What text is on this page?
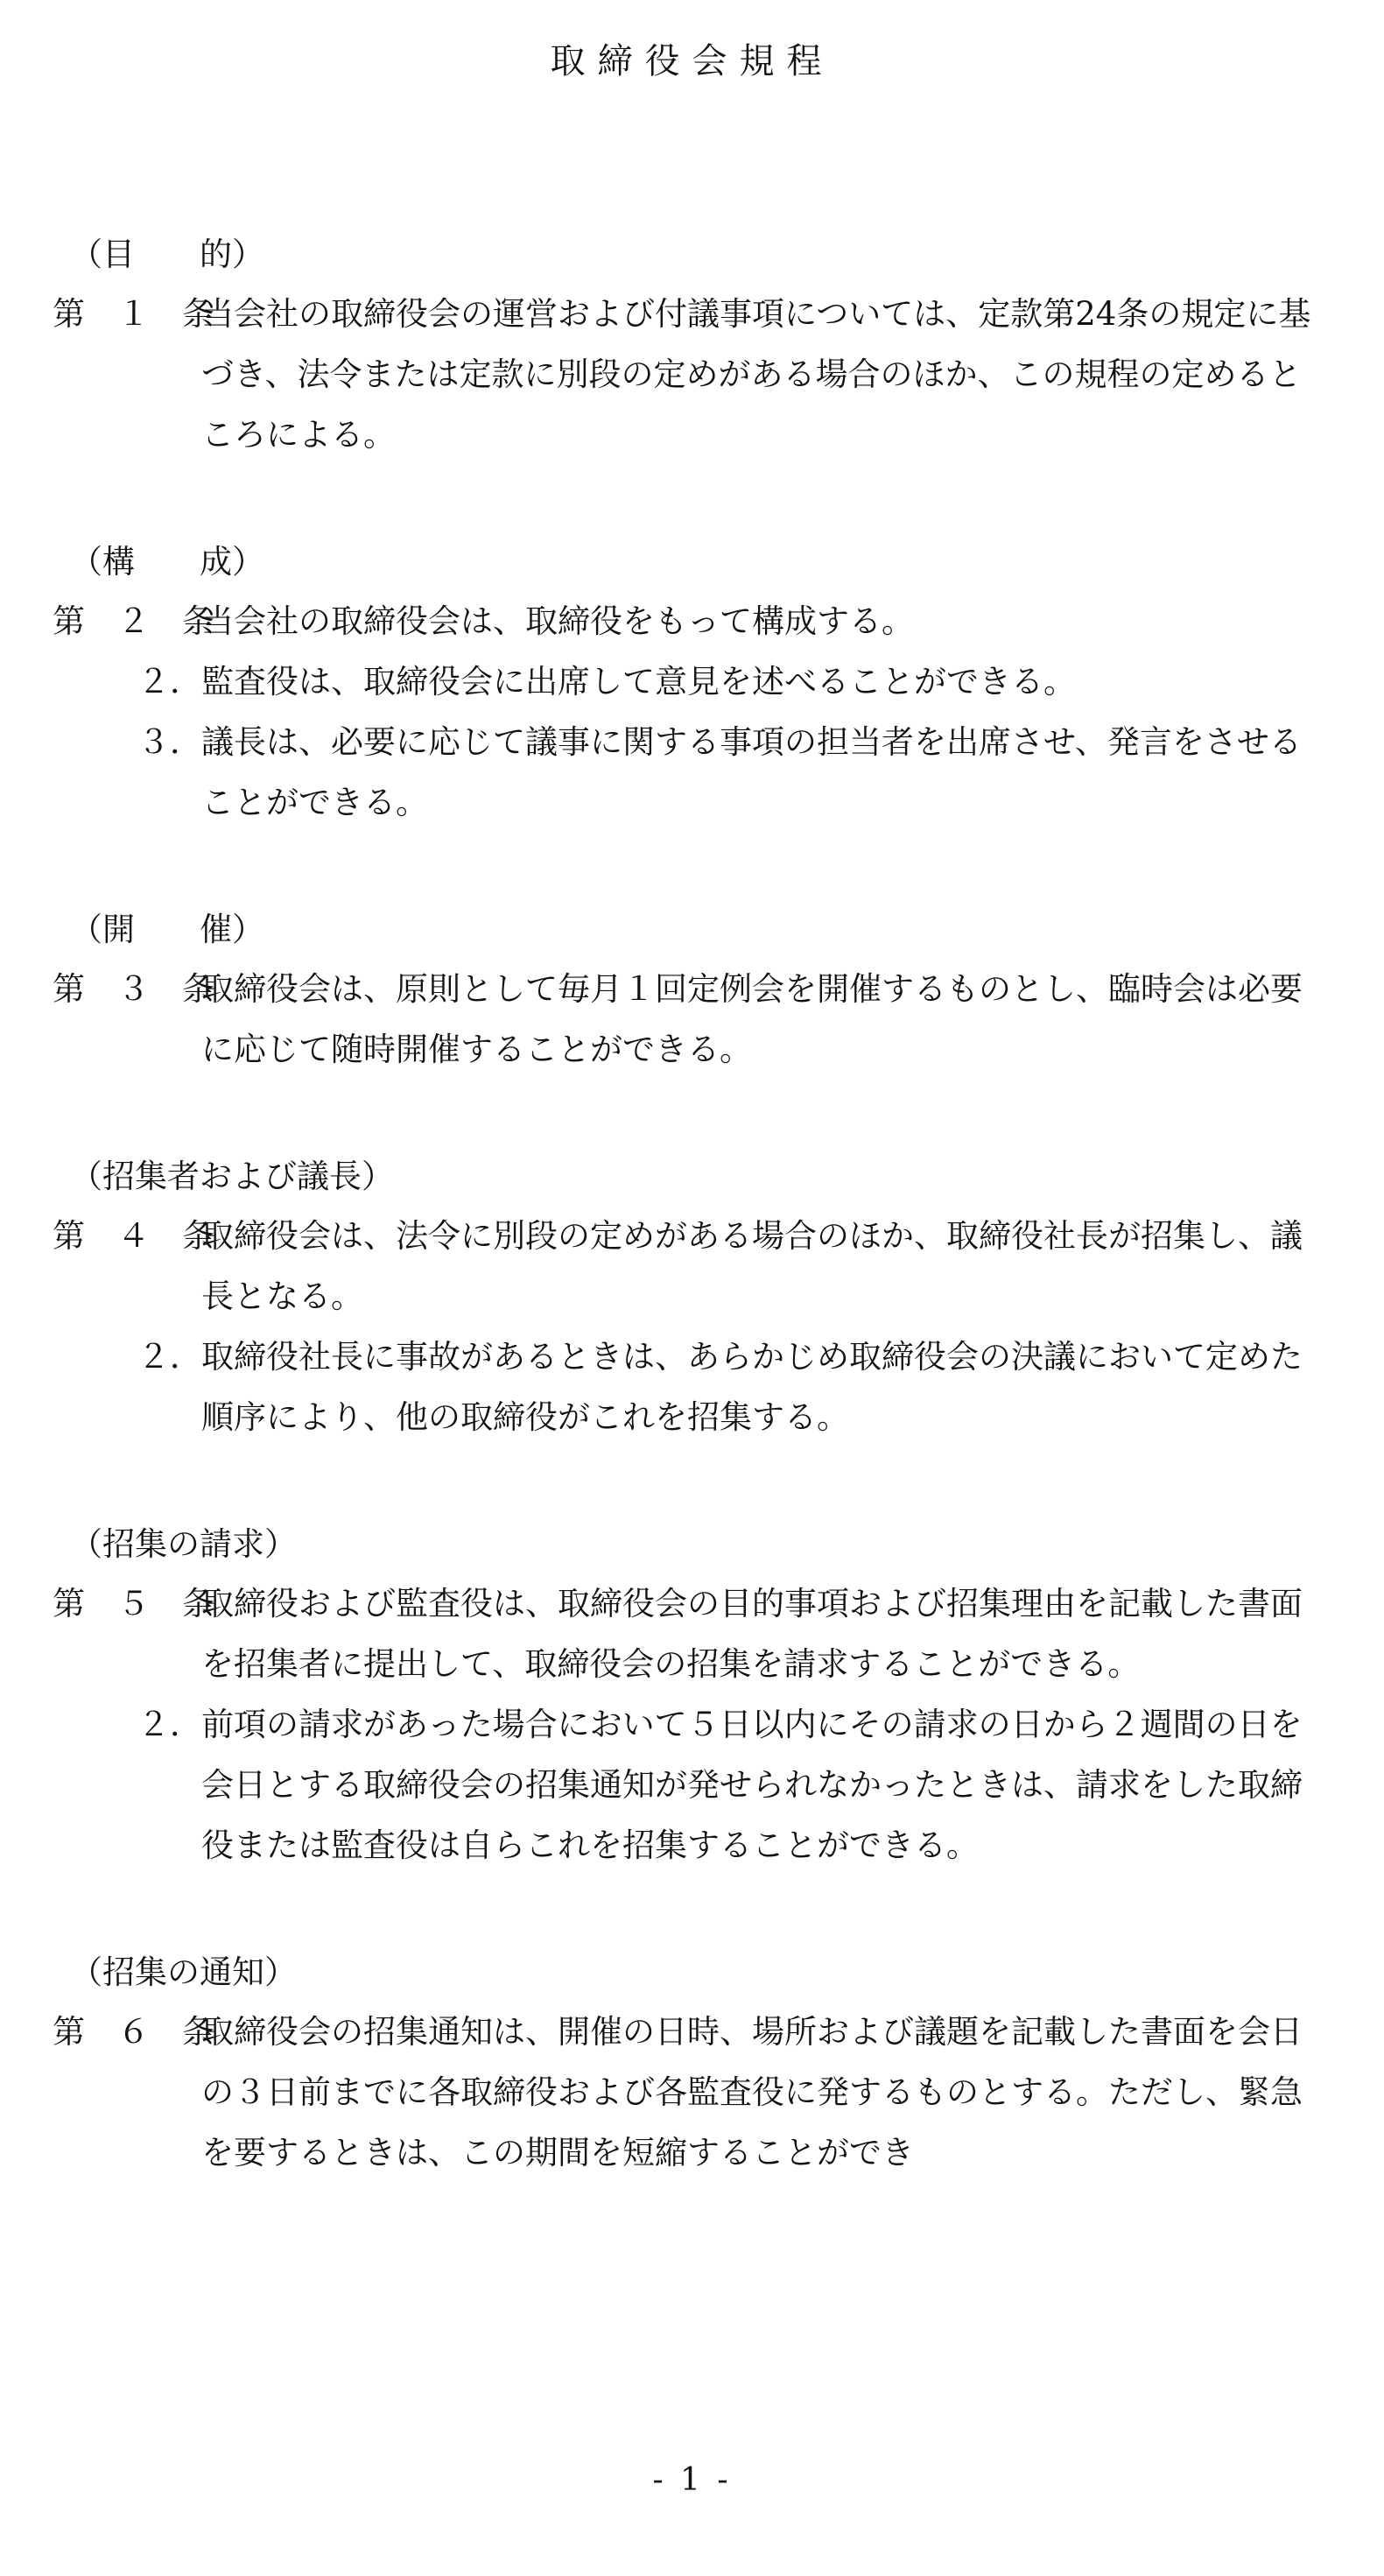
取締役会規程
（目　　的）
第　１　条
当会社の取締役会の運営および付議事項については、定款第24条の規定に基づき、法令または定款に別段の定めがある場合のほか、この規程の定めるところによる。
（構　　成）
第　２　条
当会社の取締役会は、取締役をもって構成する。
２． 監査役は、取締役会に出席して意見を述べることができる。
３． 議長は、必要に応じて議事に関する事項の担当者を出席させ、発言をさせることができる。
（開　　催）
第　３　条
取締役会は、原則として毎月１回定例会を開催するものとし、臨時会は必要に応じて随時開催することができる。
（招集者および議長）
第　４　条
取締役会は、法令に別段の定めがある場合のほか、取締役社長が招集し、議長となる。
２． 取締役社長に事故があるときは、あらかじめ取締役会の決議において定めた順序により、他の取締役がこれを招集する。
（招集の請求）
第　５　条
取締役および監査役は、取締役会の目的事項および招集理由を記載した書面を招集者に提出して、取締役会の招集を請求することができる。
２． 前項の請求があった場合において５日以内にその請求の日から２週間の日を会日とする取締役会の招集通知が発せられなかったときは、請求をした取締役または監査役は自らこれを招集することができる。
（招集の通知）
第　６　条
取締役会の招集通知は、開催の日時、場所および議題を記載した書面を会日の３日前までに各取締役および各監査役に発するものとする。ただし、緊急を要するときは、この期間を短縮することができ
- 1 -
